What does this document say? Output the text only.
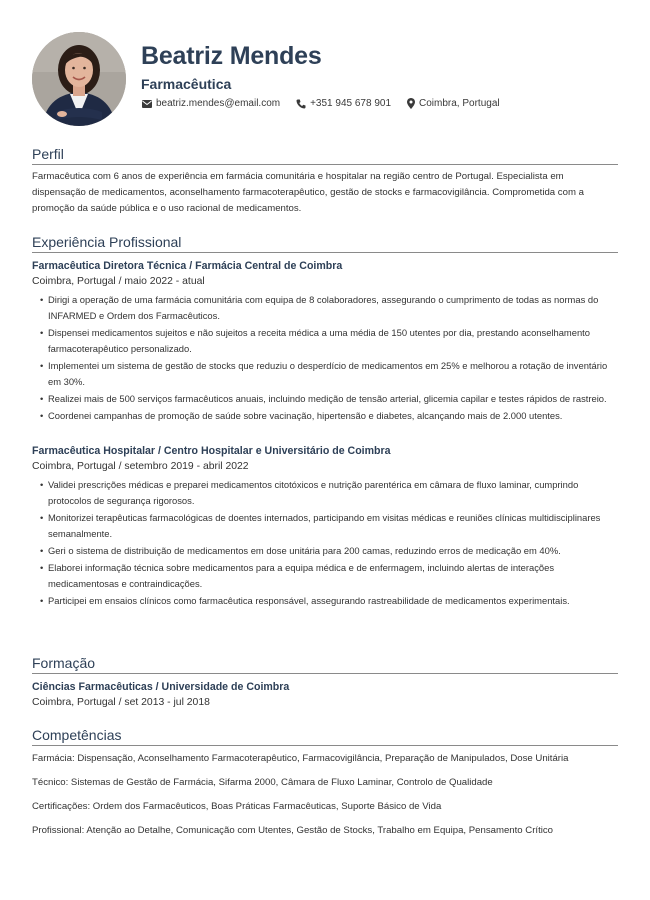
Beatriz Mendes
Farmacêutica
beatriz.mendes@email.com	+351 945 678 901	Coimbra, Portugal
Perfil
Farmacêutica com 6 anos de experiência em farmácia comunitária e hospitalar na região centro de Portugal. Especialista em dispensação de medicamentos, aconselhamento farmacoterapêutico, gestão de stocks e farmacovigilância. Comprometida com a promoção da saúde pública e o uso racional de medicamentos.
Experiência Profissional
Farmacêutica Diretora Técnica / Farmácia Central de Coimbra
Coimbra, Portugal / maio 2022 - atual
• Dirigi a operação de uma farmácia comunitária com equipa de 8 colaboradores, assegurando o cumprimento de todas as normas do INFARMED e Ordem dos Farmacêuticos.
• Dispensei medicamentos sujeitos e não sujeitos a receita médica a uma média de 150 utentes por dia, prestando aconselhamento farmacoterapêutico personalizado.
• Implementei um sistema de gestão de stocks que reduziu o desperdício de medicamentos em 25% e melhorou a rotação de inventário em 30%.
• Realizei mais de 500 serviços farmacêuticos anuais, incluindo medição de tensão arterial, glicemia capilar e testes rápidos de rastreio.
• Coordenei campanhas de promoção de saúde sobre vacinação, hipertensão e diabetes, alcançando mais de 2.000 utentes.
Farmacêutica Hospitalar / Centro Hospitalar e Universitário de Coimbra
Coimbra, Portugal / setembro 2019 - abril 2022
• Validei prescrições médicas e preparei medicamentos citotóxicos e nutrição parentérica em câmara de fluxo laminar, cumprindo protocolos de segurança rigorosos.
• Monitorizei terapêuticas farmacológicas de doentes internados, participando em visitas médicas e reuniões clínicas multidisciplinares semanalmente.
• Geri o sistema de distribuição de medicamentos em dose unitária para 200 camas, reduzindo erros de medicação em 40%.
• Elaborei informação técnica sobre medicamentos para a equipa médica e de enfermagem, incluindo alertas de interações medicamentosas e contraindicações.
• Participei em ensaios clínicos como farmacêutica responsável, assegurando rastreabilidade de medicamentos experimentais.
Formação
Ciências Farmacêuticas / Universidade de Coimbra
Coimbra, Portugal / set 2013 - jul 2018
Competências
Farmácia: Dispensação, Aconselhamento Farmacoterapêutico, Farmacovigilância, Preparação de Manipulados, Dose Unitária
Técnico: Sistemas de Gestão de Farmácia, Sifarma 2000, Câmara de Fluxo Laminar, Controlo de Qualidade
Certificações: Ordem dos Farmacêuticos, Boas Práticas Farmacêuticas, Suporte Básico de Vida
Profissional: Atenção ao Detalhe, Comunicação com Utentes, Gestão de Stocks, Trabalho em Equipa, Pensamento Crítico
